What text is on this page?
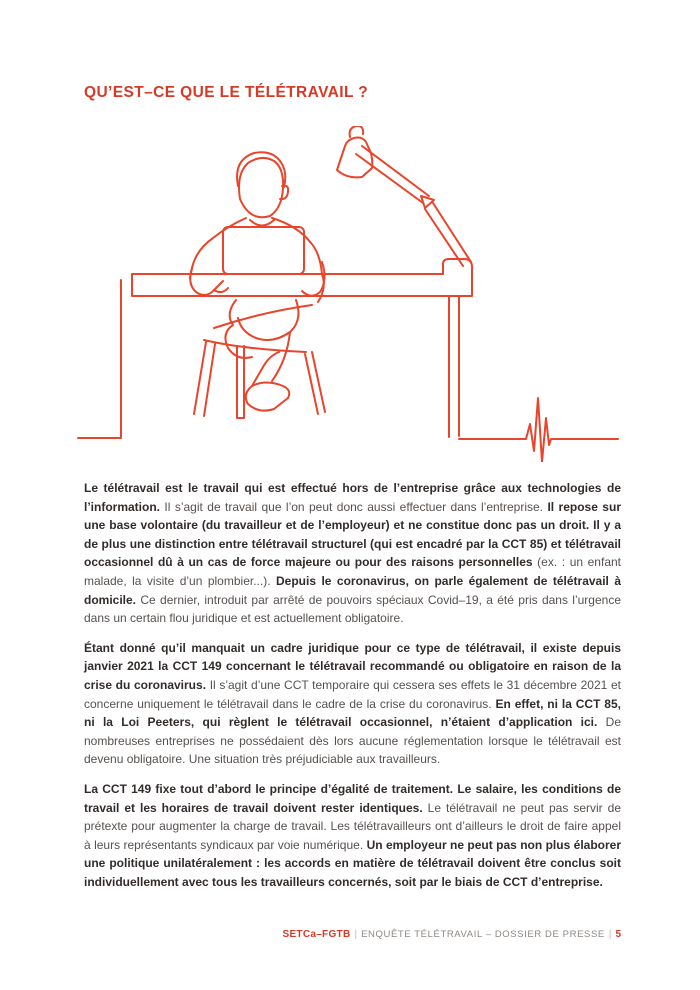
QU’EST–CE QUE LE TÉLÉTRAVAIL ?

Le télétravail est le travail qui est effectué hors de l’entreprise grâce aux technologies de l’information. Il s’agit de travail que l’on peut donc aussi effectuer dans l’entreprise. Il repose sur une base volontaire (du travailleur et de l’employeur) et ne constitue donc pas un droit. Il y a de plus une distinction entre télétravail structurel (qui est encadré par la CCT 85) et télétravail occasionnel dû à un cas de force majeure ou pour des raisons personnelles (ex. : un enfant malade, la visite d’un plombier...). Depuis le coronavirus, on parle également de télétravail à domicile. Ce dernier, introduit par arrêté de pouvoirs spéciaux Covid–19, a été pris dans l’urgence dans un certain flou juridique et est actuellement obligatoire.

Étant donné qu’il manquait un cadre juridique pour ce type de télétravail, il existe depuis janvier 2021 la CCT 149 concernant le télétravail recommandé ou obligatoire en raison de la crise du coronavirus. Il s’agit d’une CCT temporaire qui cessera ses effets le 31 décembre 2021 et concerne uniquement le télétravail dans le cadre de la crise du coronavirus. En effet, ni la CCT 85, ni la Loi Peeters, qui règlent le télétravail occasionnel, n’étaient d’application ici. De nombreuses entreprises ne possédaient dès lors aucune réglementation lorsque le télétravail est devenu obligatoire. Une situation très préjudiciable aux travailleurs.

La CCT 149 fixe tout d’abord le principe d’égalité de traitement. Le salaire, les conditions de travail et les horaires de travail doivent rester identiques. Le télétravail ne peut pas servir de prétexte pour augmenter la charge de travail. Les télétravailleurs ont d’ailleurs le droit de faire appel à leurs représentants syndicaux par voie numérique. Un employeur ne peut pas non plus élaborer une politique unilatéralement : les accords en matière de télétravail doivent être conclus soit individuellement avec tous les travailleurs concernés, soit par le biais de CCT d’entreprise.

SETCa–FGTB | ENQUÊTE TÉLÉTRAVAIL – DOSSIER DE PRESSE | 5
